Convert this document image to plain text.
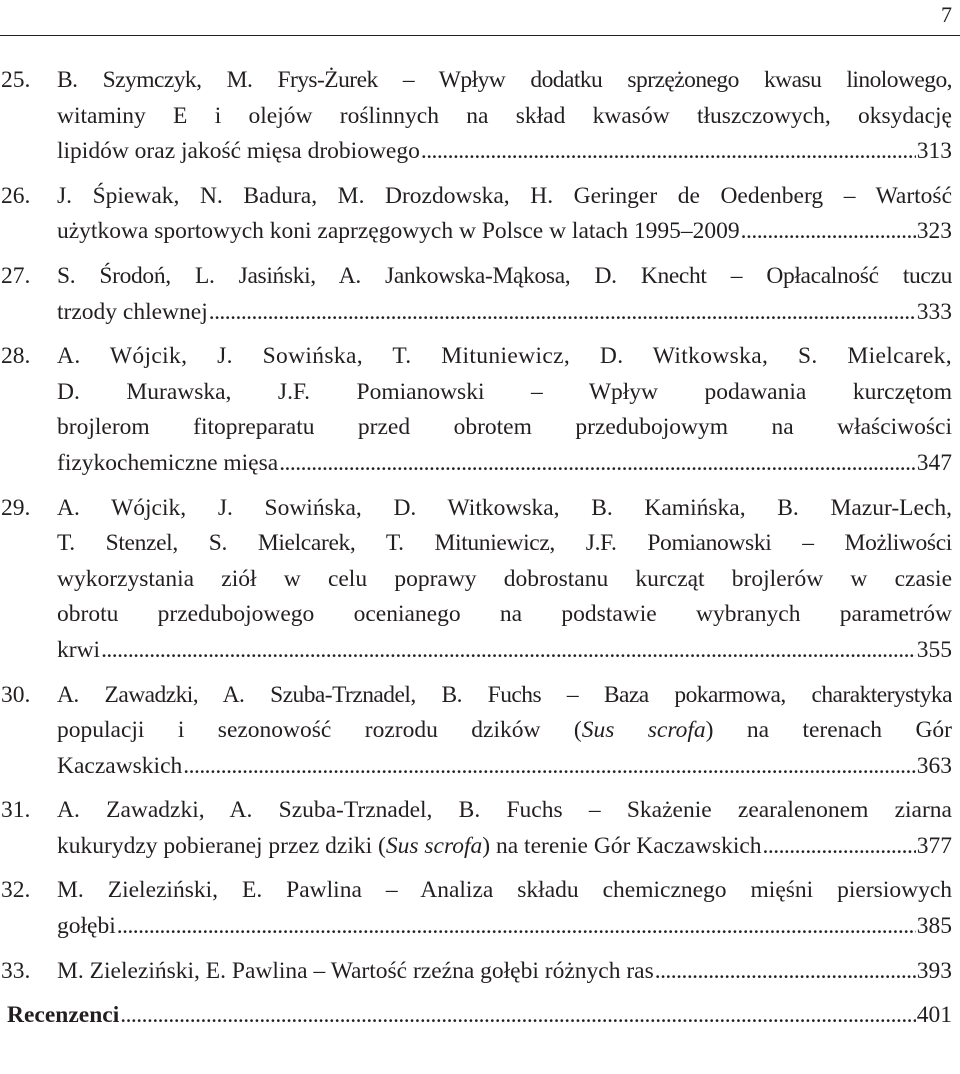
7
25. B. Szymczyk, M. Frys-Żurek – Wpływ dodatku sprzężonego kwasu linolowego,
witaminy E i olejów roślinnych na skład kwasów tłuszczowych, oksydację
lipidów oraz jakość mięsa drobiowego . . .	313
26. J. Śpiewak, N. Badura, M. Drozdowska, H. Geringer de Oedenberg – Wartość
użytkowa sportowych koni zaprzęgowych w Polsce w latach 1995–2009 . . .	323
27. S. Środoń, L. Jasiński, A. Jankowska-Mąkosa, D. Knecht – Opłacalność tuczu
trzody chlewnej . . .	333
28. A. Wójcik, J. Sowińska, T. Mituniewicz, D. Witkowska, S. Mielcarek,
D. Murawska, J.F. Pomianowski – Wpływ podawania kurczętom
brojlerom fitopreparatu przed obrotem przedubojowym na właściwości
fizykochemiczne mięsa . . .	347
29. A. Wójcik, J. Sowińska, D. Witkowska, B. Kamińska, B. Mazur-Lech,
T. Stenzel, S. Mielcarek, T. Mituniewicz, J.F. Pomianowski – Możliwości
wykorzystania ziół w celu poprawy dobrostanu kurcząt brojlerów w czasie
obrotu przedubojowego ocenianego na podstawie wybranych parametrów
krwi . . .	355
30. A. Zawadzki, A. Szuba-Trznadel, B. Fuchs – Baza pokarmowa, charakterystyka
populacji i sezonowość rozrodu dzików (Sus scrofa) na terenach Gór
Kaczawskich . . .	363
31. A. Zawadzki, A. Szuba-Trznadel, B. Fuchs – Skażenie zearalenonem ziarna
kukurydzy pobieranej przez dziki (Sus scrofa) na terenie Gór Kaczawskich . . .	377
32. M. Zieleziński, E. Pawlina – Analiza składu chemicznego mięśni piersiowych
gołębi . . .	385
33. M. Zieleziński, E. Pawlina – Wartość rzeźna gołębi różnych ras . . .	393
Recenzenci . . .	401
